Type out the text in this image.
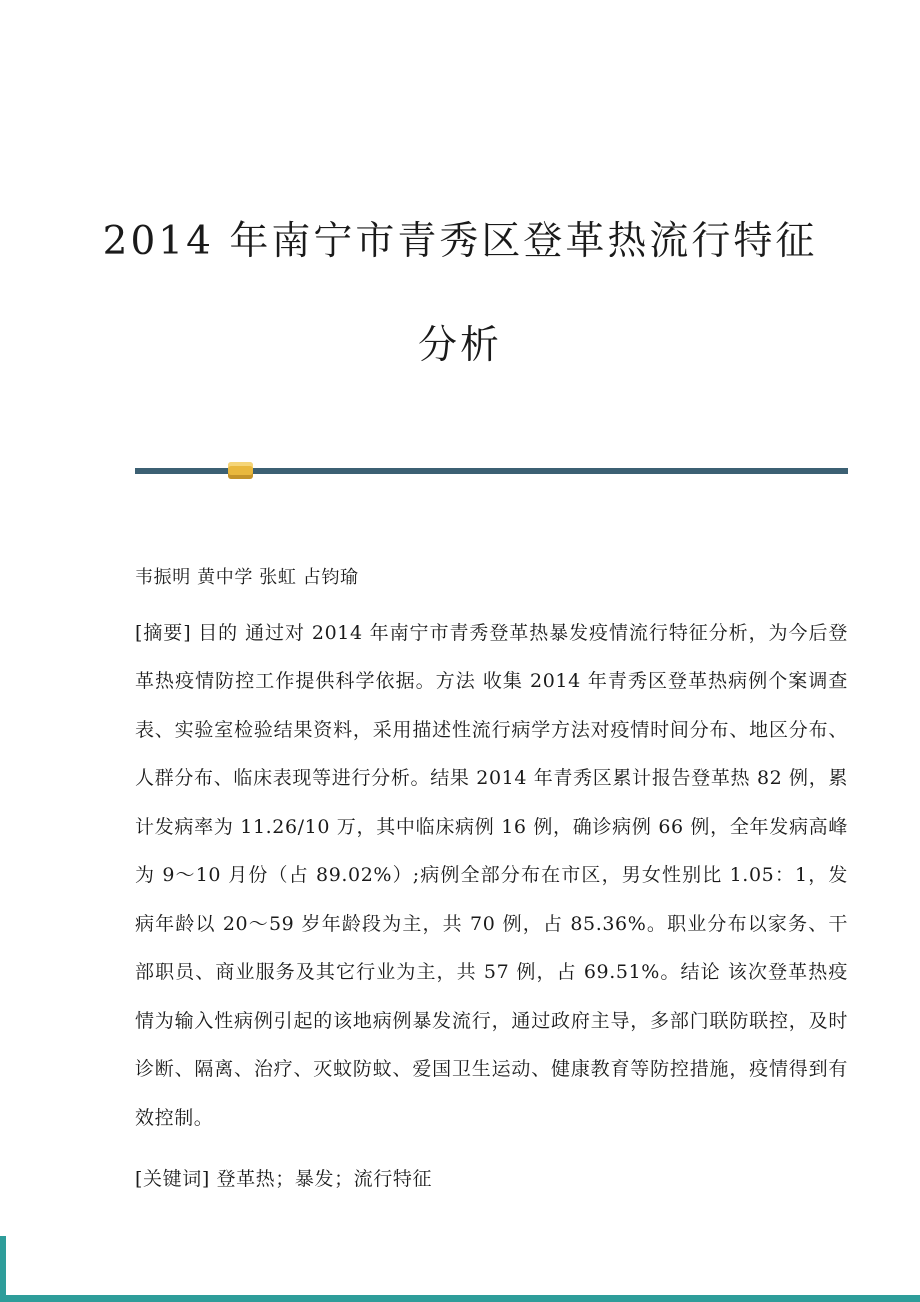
2014 年南宁市青秀区登革热流行特征
分析

韦振明 黄中学 张虹 占钧瑜

[摘要] 目的 通过对 2014 年南宁市青秀登革热暴发疫情流行特征分析，为今后登革热疫情防控工作提供科学依据。方法 收集 2014 年青秀区登革热病例个案调查表、实验室检验结果资料，采用描述性流行病学方法对疫情时间分布、地区分布、人群分布、临床表现等进行分析。结果 2014 年青秀区累计报告登革热 82 例，累计发病率为 11.26/10 万，其中临床病例 16 例，确诊病例 66 例，全年发病高峰为 9～10 月份（占 89.02%）;病例全部分布在市区，男女性别比 1.05：1，发病年龄以 20～59 岁年龄段为主，共 70 例，占 85.36%。职业分布以家务、干部职员、商业服务及其它行业为主，共 57 例，占 69.51%。结论 该次登革热疫情为输入性病例引起的该地病例暴发流行，通过政府主导，多部门联防联控，及时诊断、隔离、治疗、灭蚊防蚊、爱国卫生运动、健康教育等防控措施，疫情得到有效控制。

[关键词] 登革热；暴发；流行特征
